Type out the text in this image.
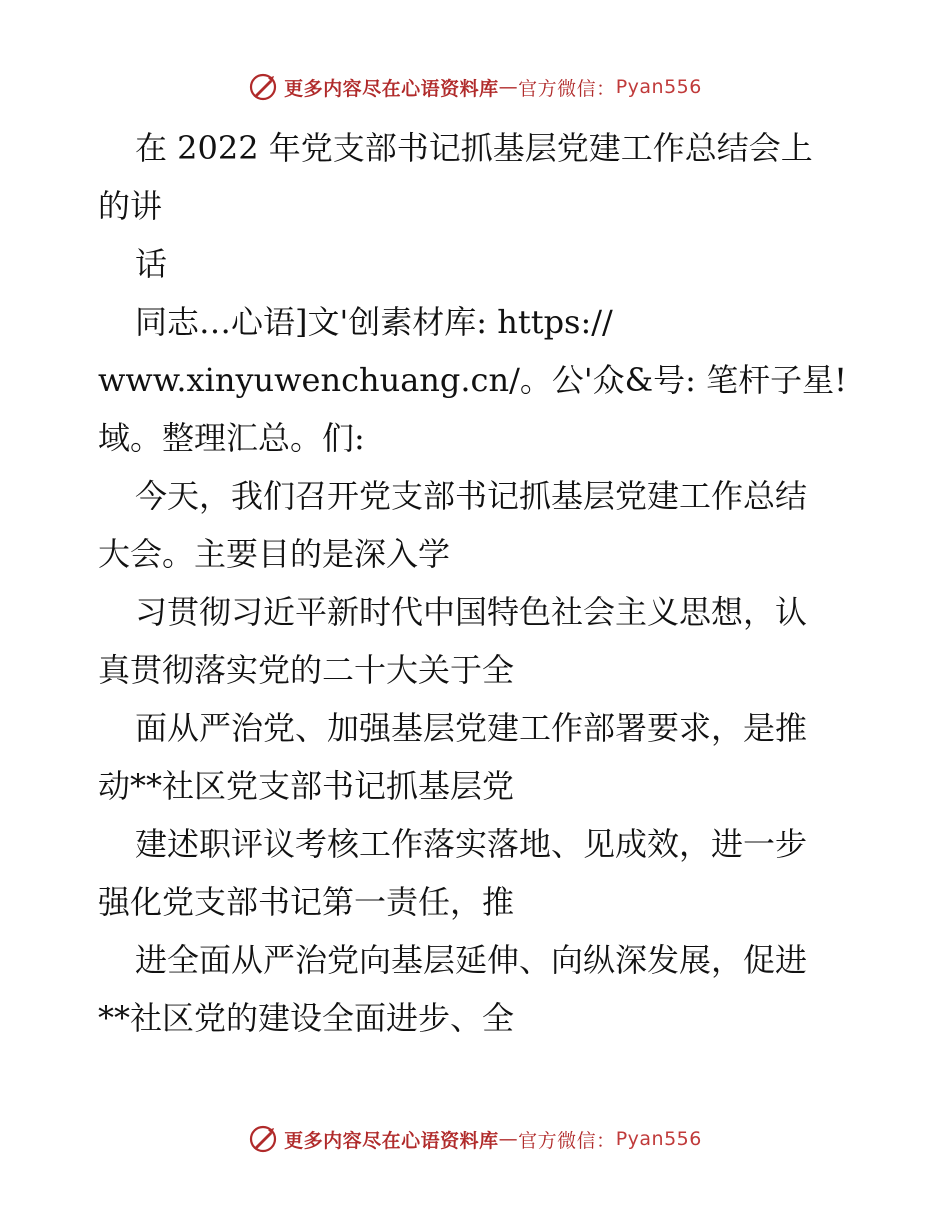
更多内容尽在心语资料库 — 官方微信： Pyan556
在 2022 年党支部书记抓基层党建工作总结会上
的讲
话
同志…心语]文'创素材库: https://
www.xinyuwenchuang.cn/。公'众&号: 笔杆子星!
域。整理汇总。们:
今天，我们召开党支部书记抓基层党建工作总结
大会。主要目的是深入学
习贯彻习近平新时代中国特色社会主义思想，认
真贯彻落实党的二十大关于全
面从严治党、加强基层党建工作部署要求，是推
动**社区党支部书记抓基层党
建述职评议考核工作落实落地、见成效，进一步
强化党支部书记第一责任，推
进全面从严治党向基层延伸、向纵深发展，促进
**社区党的建设全面进步、全
更多内容尽在心语资料库 — 官方微信： Pyan556
